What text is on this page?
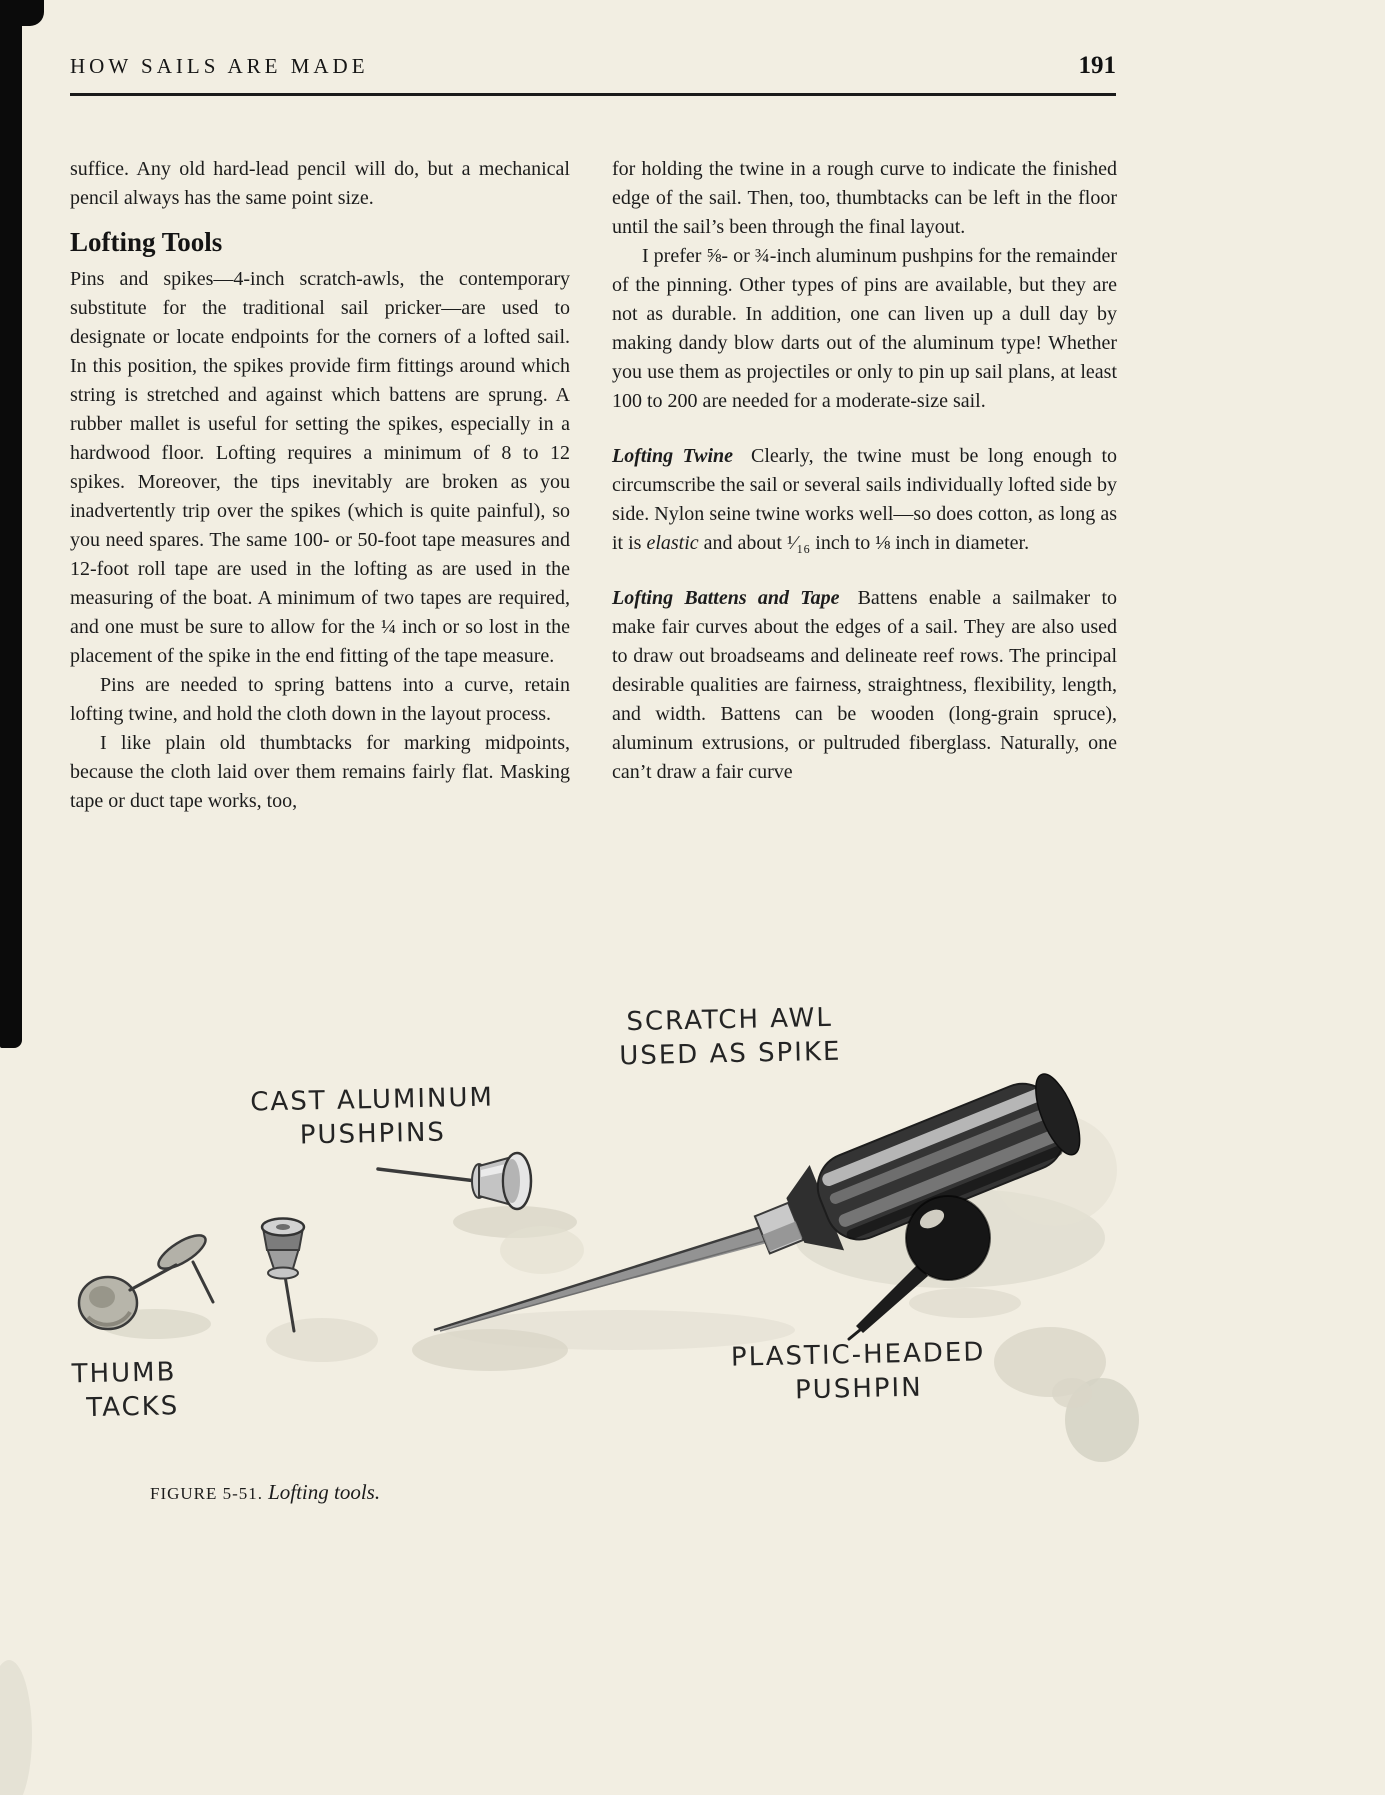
HOW SAILS ARE MADE	191

suffice. Any old hard-lead pencil will do, but a mechanical pencil always has the same point size.

Lofting Tools

Pins and spikes—4-inch scratch-awls, the contemporary substitute for the traditional sail pricker—are used to designate or locate endpoints for the corners of a lofted sail. In this position, the spikes provide firm fittings around which string is stretched and against which battens are sprung. A rubber mallet is useful for setting the spikes, especially in a hardwood floor. Lofting requires a minimum of 8 to 12 spikes. Moreover, the tips inevitably are broken as you inadvertently trip over the spikes (which is quite painful), so you need spares. The same 100- or 50-foot tape measures and 12-foot roll tape are used in the lofting as are used in the measuring of the boat. A minimum of two tapes are required, and one must be sure to allow for the ¼ inch or so lost in the placement of the spike in the end fitting of the tape measure.

Pins are needed to spring battens into a curve, retain lofting twine, and hold the cloth down in the layout process.

I like plain old thumbtacks for marking midpoints, because the cloth laid over them remains fairly flat. Masking tape or duct tape works, too,

for holding the twine in a rough curve to indicate the finished edge of the sail. Then, too, thumbtacks can be left in the floor until the sail’s been through the final layout.

I prefer ⅝- or ¾-inch aluminum pushpins for the remainder of the pinning. Other types of pins are available, but they are not as durable. In addition, one can liven up a dull day by making dandy blow darts out of the aluminum type! Whether you use them as projectiles or only to pin up sail plans, at least 100 to 200 are needed for a moderate-size sail.

Lofting Twine Clearly, the twine must be long enough to circumscribe the sail or several sails individually lofted side by side. Nylon seine twine works well—so does cotton, as long as it is elastic and about ¹⁄₁₆ inch to ⅛ inch in diameter.

Lofting Battens and Tape Battens enable a sailmaker to make fair curves about the edges of a sail. They are also used to draw out broadseams and delineate reef rows. The principal desirable qualities are fairness, straightness, flexibility, length, and width. Battens can be wooden (long-grain spruce), aluminum extrusions, or pultruded fiberglass. Naturally, one can’t draw a fair curve

SCRATCH AWL
USED AS SPIKE
CAST ALUMINUM
PUSHPINS
THUMB
TACKS
PLASTIC-HEADED
PUSHPIN
FIGURE 5-51. Lofting tools.
